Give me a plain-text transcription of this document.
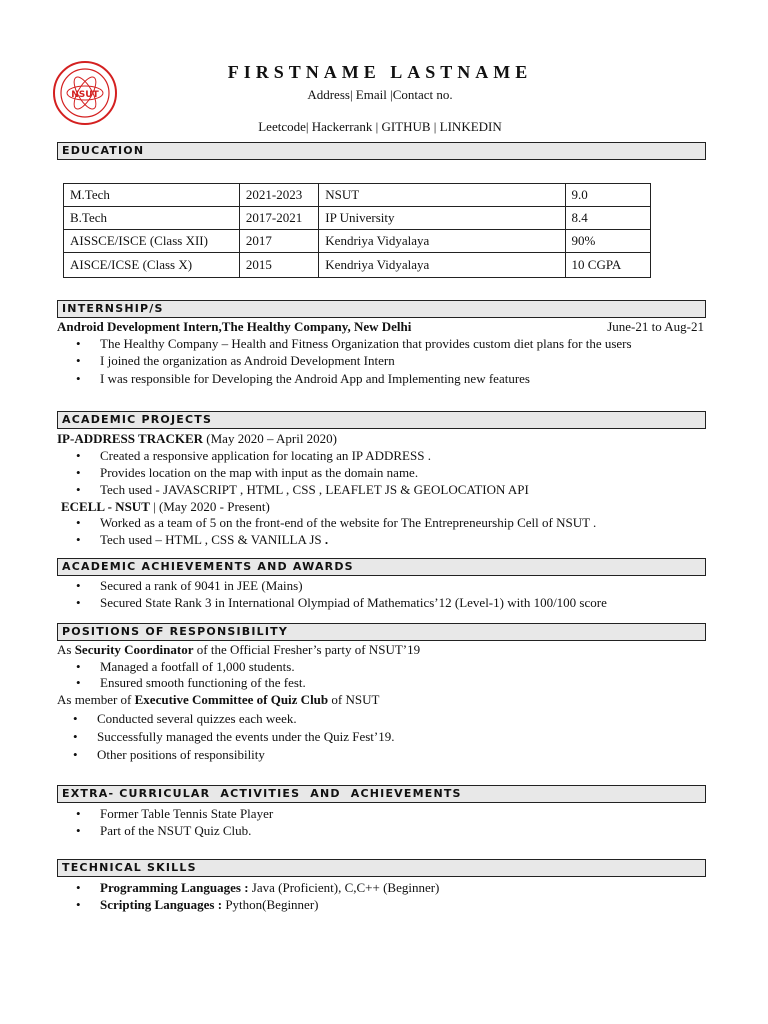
NSUT
FIRSTNAME LASTNAME
Address| Email |Contact no.
Leetcode| Hackerrank | GITHUB | LINKEDIN
EDUCATION
M.Tech	2021-2023	NSUT	9.0
B.Tech	2017-2021	IP University	8.4
AISSCE/ISCE (Class XII)	2017	Kendriya Vidyalaya	90%
AISCE/ICSE (Class X)	2015	Kendriya Vidyalaya	10 CGPA
INTERNSHIP/S
Android Development Intern,The Healthy Company, New Delhi	June-21 to Aug-21
• The Healthy Company – Health and Fitness Organization that provides custom diet plans for the users
• I joined the organization as Android Development Intern
• I was responsible for Developing the Android App and Implementing new features
ACADEMIC PROJECTS
IP-ADDRESS TRACKER (May 2020 – April 2020)
• Created a responsive application for locating an IP ADDRESS .
• Provides location on the map with input as the domain name.
• Tech used - JAVASCRIPT , HTML , CSS , LEAFLET JS & GEOLOCATION API
ECELL - NSUT | (May 2020 - Present)
• Worked as a team of 5 on the front-end of the website for The Entrepreneurship Cell of NSUT .
• Tech used – HTML , CSS & VANILLA JS .
ACADEMIC ACHIEVEMENTS AND AWARDS
• Secured a rank of 9041 in JEE (Mains)
• Secured State Rank 3 in International Olympiad of Mathematics’12 (Level-1) with 100/100 score
POSITIONS OF RESPONSIBILITY
As Security Coordinator of the Official Fresher’s party of NSUT’19
• Managed a footfall of 1,000 students.
• Ensured smooth functioning of the fest.
As member of Executive Committee of Quiz Club of NSUT
• Conducted several quizzes each week.
• Successfully managed the events under the Quiz Fest’19.
• Other positions of responsibility
EXTRA- CURRICULAR  ACTIVITIES  AND  ACHIEVEMENTS
• Former Table Tennis State Player
• Part of the NSUT Quiz Club.
TECHNICAL SKILLS
• Programming Languages : Java (Proficient), C,C++ (Beginner)
• Scripting Languages : Python(Beginner)
